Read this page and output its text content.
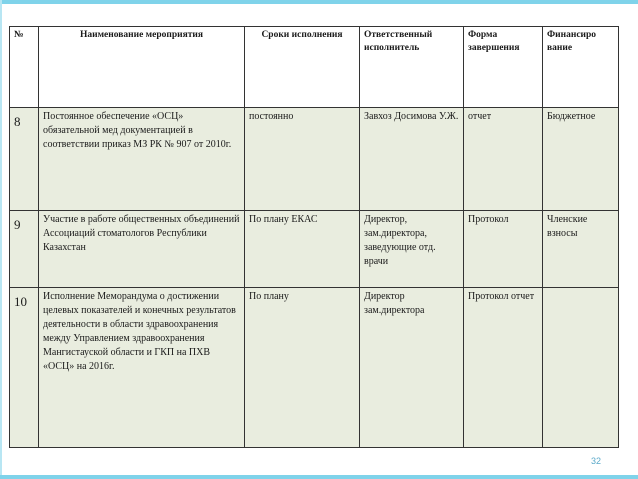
№	Наименование мероприятия	Сроки исполнения	Ответственный исполнитель	Форма завершения	Финансиро вание
8	Постоянное обеспечение «ОСЦ» обязательной мед документацией в соответствии приказ МЗ РК № 907 от 2010г.	постоянно	Завхоз Досимова У.Ж.	отчет	Бюджетное
9	Участие в работе общественных объединений Ассоциаций стоматологов Республики Казахстан	По плану ЕКАС	Директор, зам.директора, заведующие отд. врачи	Протокол	Членские взносы
10	Исполнение Меморандума о достижении целевых показателей и конечных результатов деятельности в области здравоохранения между Управлением здравоохранения Мангистауской области и ГКП на ПХВ «ОСЦ» на 2016г.	По плану	Директор зам.директора	Протокол отчет	
32
